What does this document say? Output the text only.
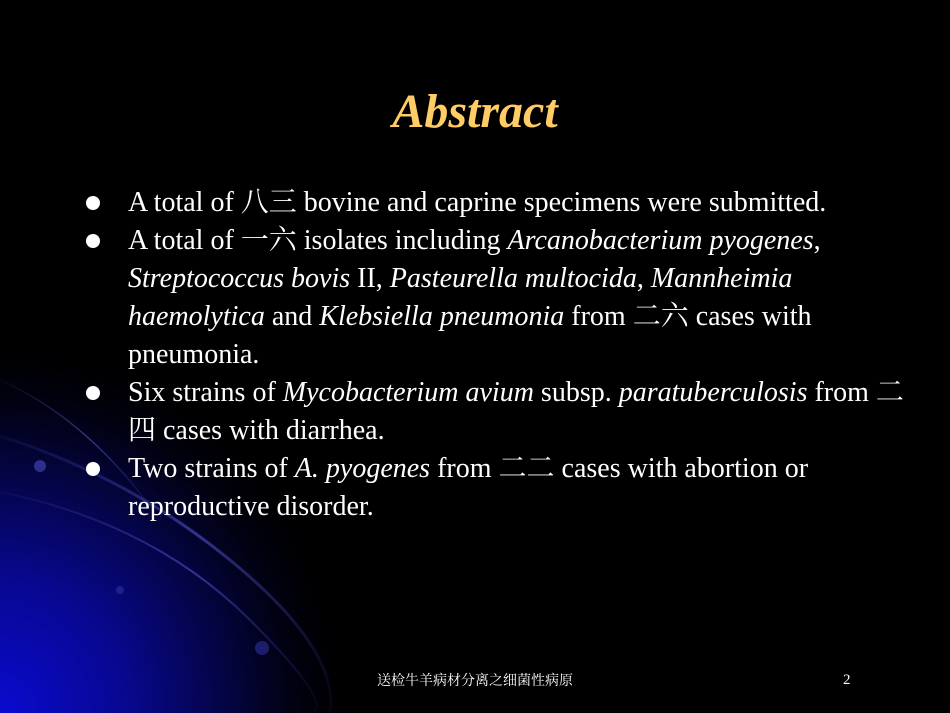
Abstract
A total of 八三 bovine and caprine specimens were submitted.
A total of 一六 isolates including Arcanobacterium pyogenes, Streptococcus bovis II, Pasteurella multocida, Mannheimia haemolytica and Klebsiella pneumonia from 二六 cases with pneumonia.
Six strains of Mycobacterium avium subsp. paratuberculosis from 二四 cases with diarrhea.
Two strains of A. pyogenes from 二二 cases with abortion or reproductive disorder.
送检牛羊病材分离之细菌性病原	2
